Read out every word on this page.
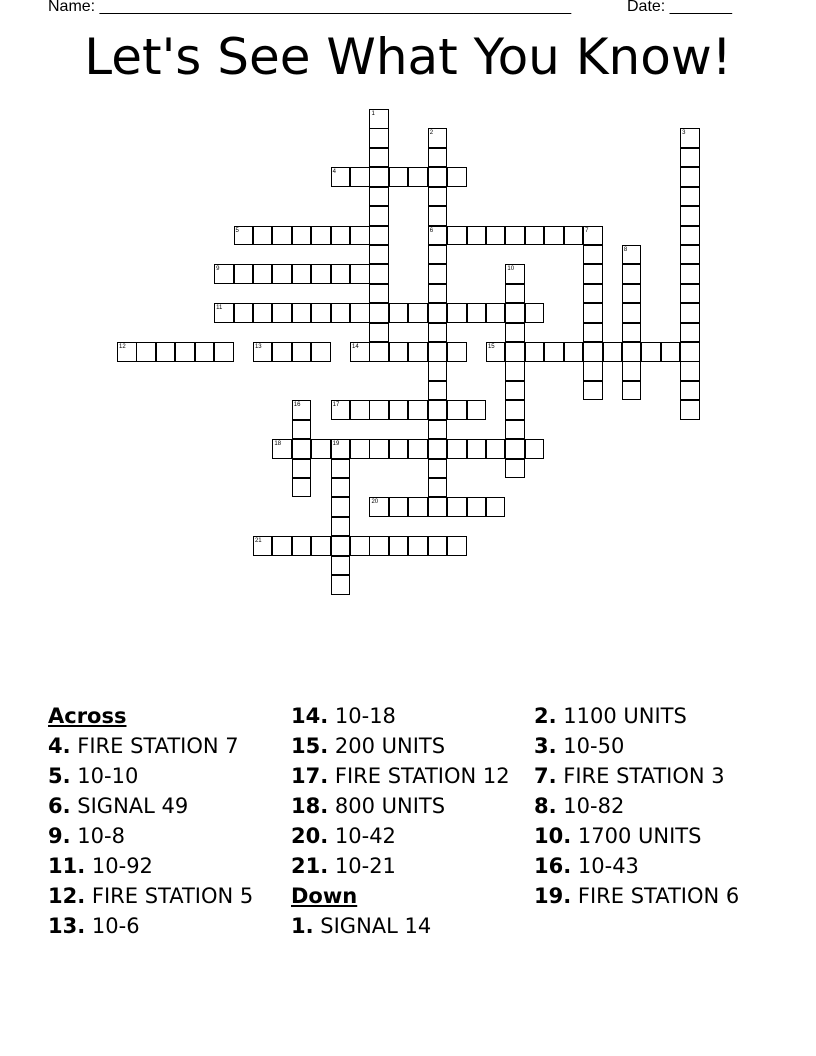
Name: _____________________________________________________	Date: _______
Let's See What You Know!
1
2	3
4
5	6	7
8
9	10
11
12	13	14	15
16	17
18	19
20
21
Across
4. FIRE STATION 7
5. 10-10
6. SIGNAL 49
9. 10-8
11. 10-92
12. FIRE STATION 5
13. 10-6
14. 10-18
15. 200 UNITS
17. FIRE STATION 12
18. 800 UNITS
20. 10-42
21. 10-21
Down
1. SIGNAL 14
2. 1100 UNITS
3. 10-50
7. FIRE STATION 3
8. 10-82
10. 1700 UNITS
16. 10-43
19. FIRE STATION 6
